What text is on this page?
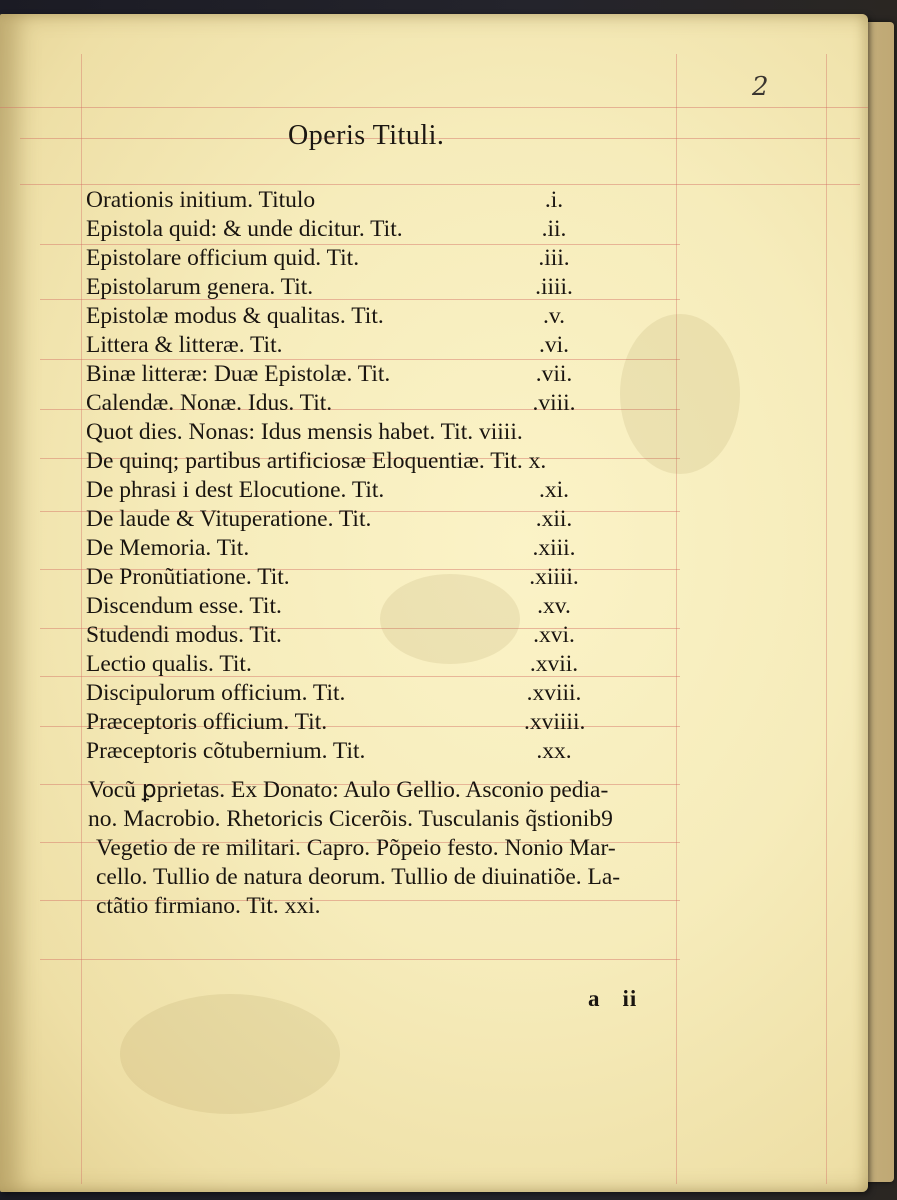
2
Operis Tituli.
Orationis initium. Titulo	.i.
Epistola quid: & unde dicitur. Tit.	.ii.
Epistolare officium quid. Tit.	.iii.
Epistolarum genera. Tit.	.iiii.
Epistolæ modus & qualitas. Tit.	.v.
Littera & litteræ. Tit.	.vi.
Binæ litteræ: Duæ Epistolæ. Tit.	.vii.
Calendæ. Nonæ. Idus. Tit.	.viii.
Quot dies. Nonas: Idus mensis habet. Tit. viiii.
De quinq; partibus artificiosæ Eloquentiæ. Tit. x.
De phrasi i dest Elocutione. Tit.	.xi.
De laude & Vituperatione. Tit.	.xii.
De Memoria. Tit.	.xiii.
De Pronũtiatione. Tit.	.xiiii.
Discendum esse. Tit.	.xv.
Studendi modus. Tit.	.xvi.
Lectio qualis. Tit.	.xvii.
Discipulorum officium. Tit.	.xviii.
Præceptoris officium. Tit.	.xviiii.
Præceptoris cõtubernium. Tit.	.xx.
Vocũ ꝑprietas. Ex Donato: Aulo Gellio. Asconio pedia-
no. Macrobio. Rhetoricis Cicerõis. Tusculanis q̃stionib9
Vegetio de re militari. Capro. Põpeio festo. Nonio Mar-
cello. Tullio de natura deorum. Tullio de diuinatiõe. La-
ctãtio firmiano. Tit. xxi.
a ii
